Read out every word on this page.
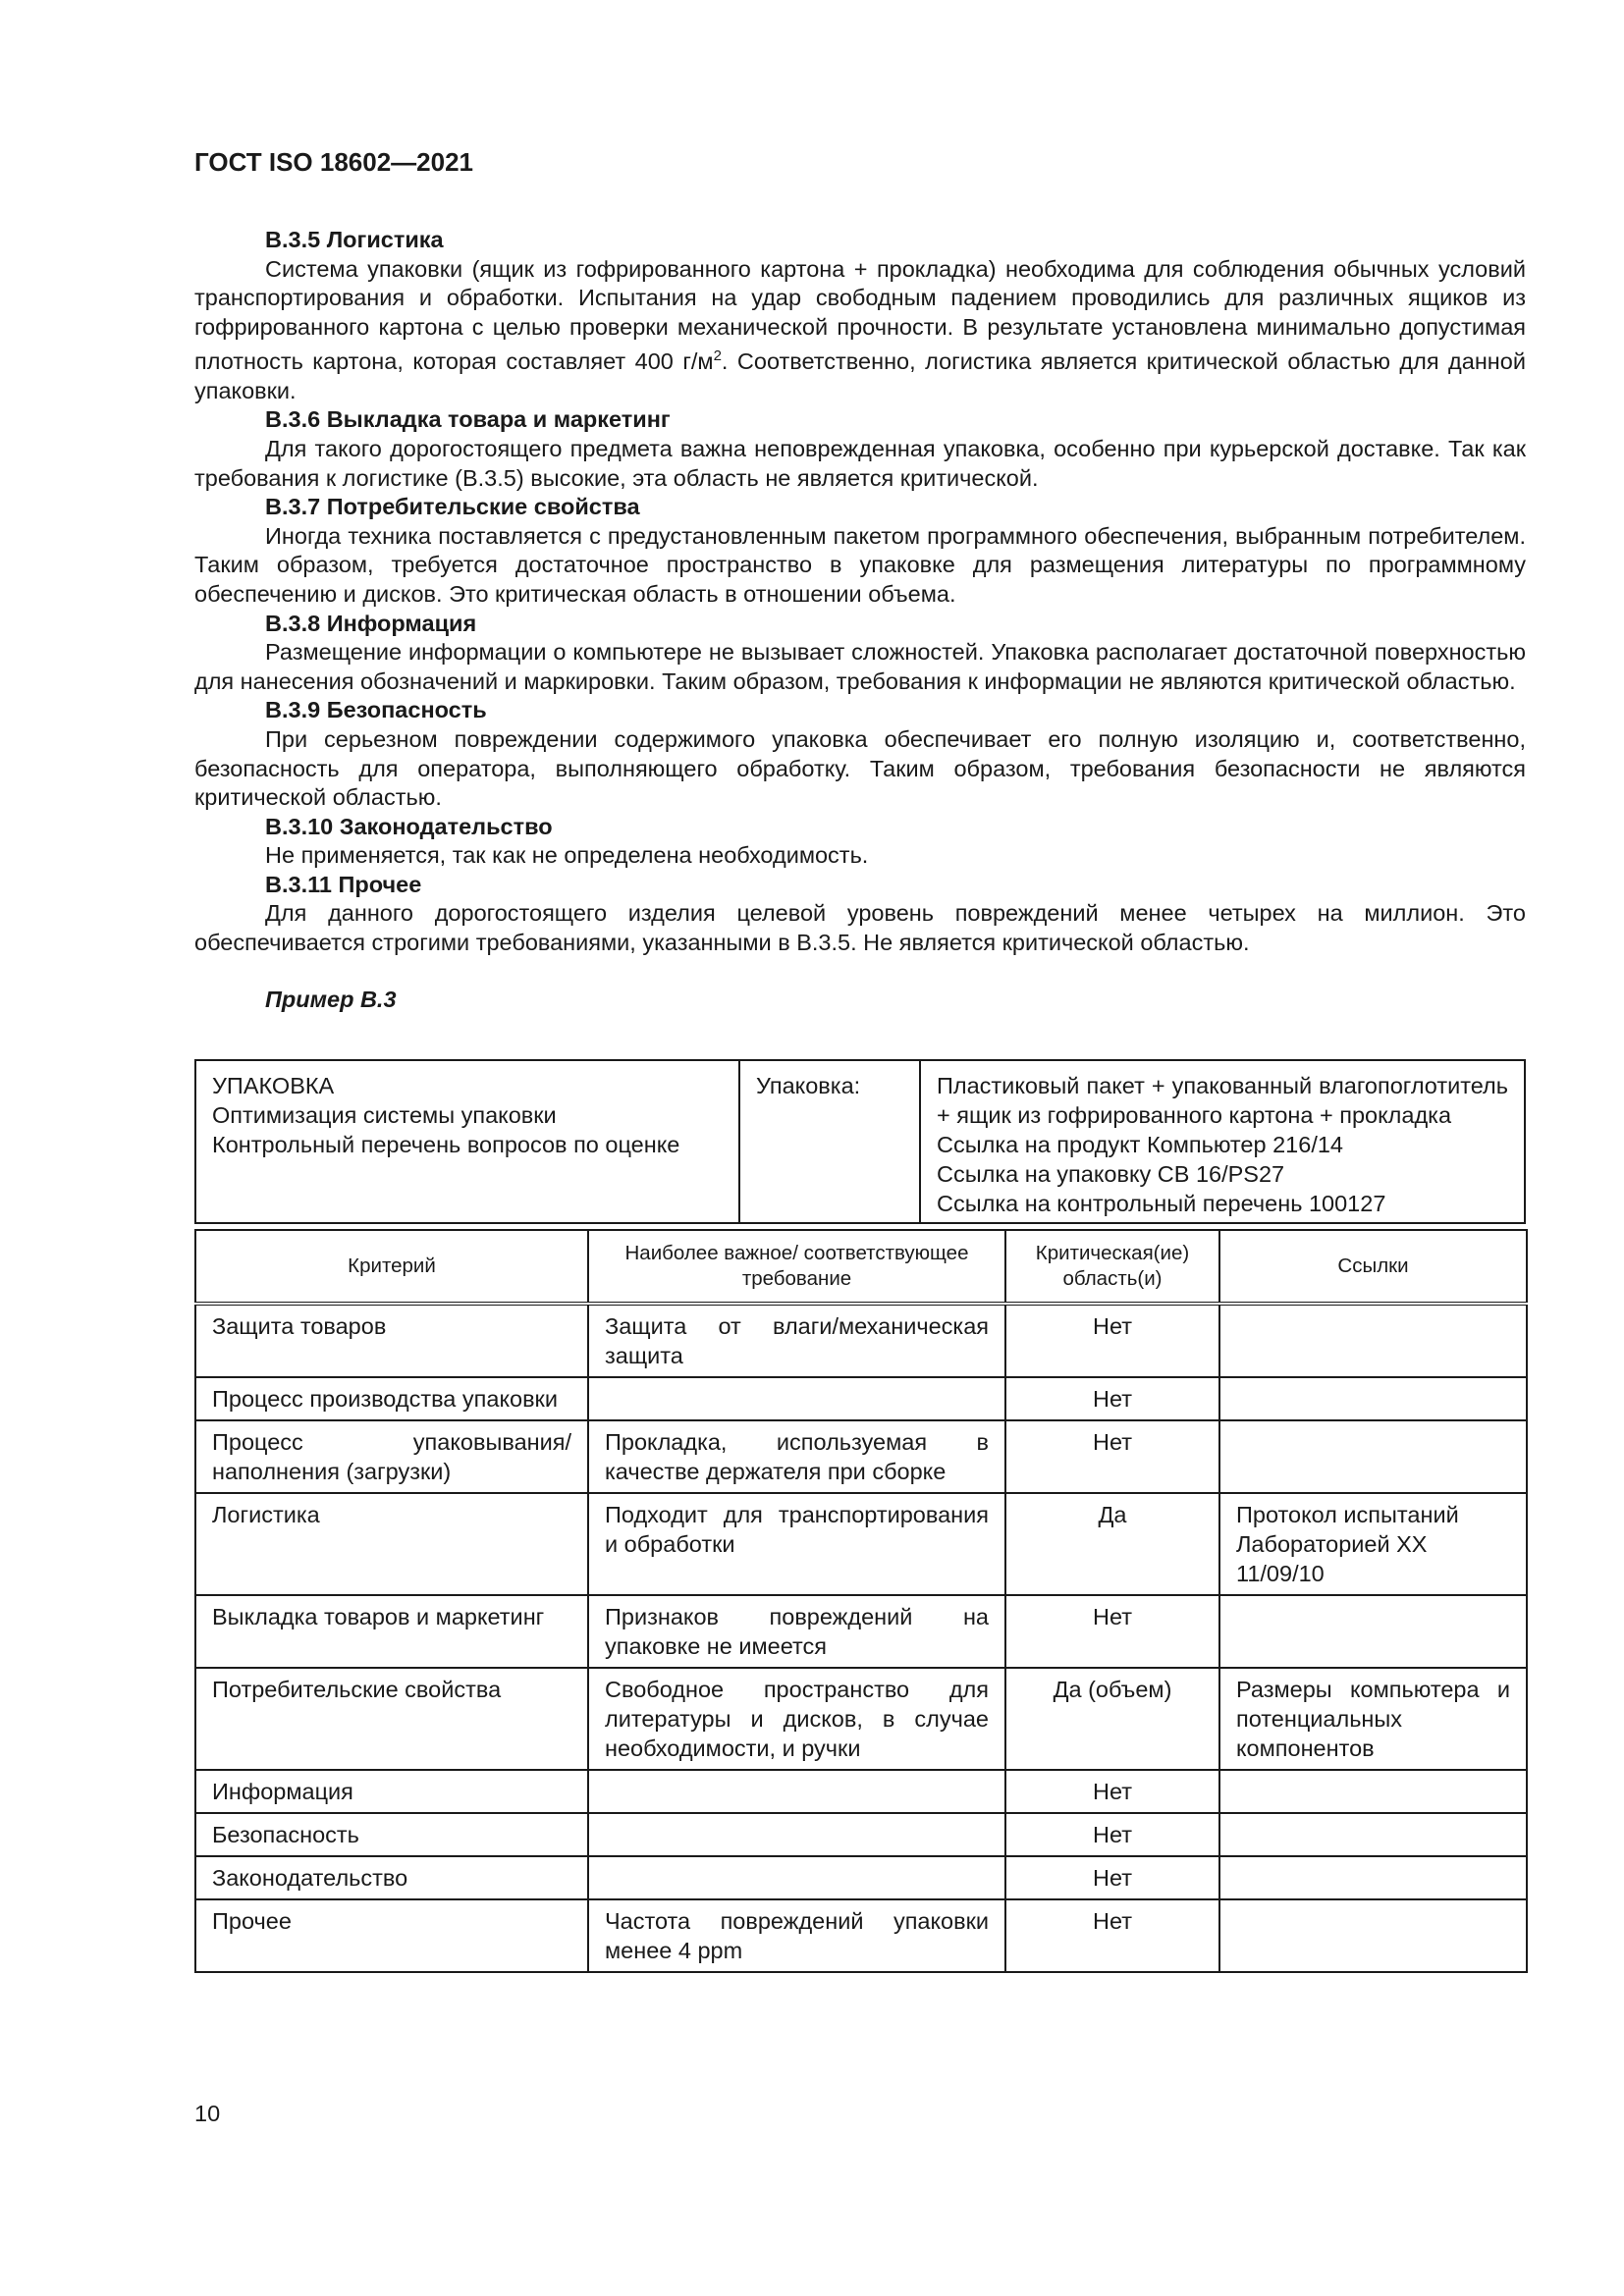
ГОСТ ISO 18602—2021

B.3.5 Логистика

Система упаковки (ящик из гофрированного картона + прокладка) необходима для соблюдения обычных условий транспортирования и обработки. Испытания на удар свободным падением проводились для различных ящиков из гофрированного картона с целью проверки механической прочности. В результате установлена минимально допустимая плотность картона, которая составляет 400 $г/м^2$. Соответственно, логистика является критической областью для данной упаковки.

B.3.6 Выкладка товара и маркетинг

Для такого дорогостоящего предмета важна неповрежденная упаковка, особенно при курьерской доставке. Так как требования к логистике (B.3.5) высокие, эта область не является критической.

B.3.7 Потребительские свойства

Иногда техника поставляется с предустановленным пакетом программного обеспечения, выбранным потребителем. Таким образом, требуется достаточное пространство в упаковке для размещения литературы по программному обеспечению и дисков. Это критическая область в отношении объема.

B.3.8 Информация

Размещение информации о компьютере не вызывает сложностей. Упаковка располагает достаточной поверхностью для нанесения обозначений и маркировки. Таким образом, требования к информации не являются критической областью.

B.3.9 Безопасность

При серьезном повреждении содержимого упаковка обеспечивает его полную изоляцию и, соответственно, безопасность для оператора, выполняющего обработку. Таким образом, требования безопасности не являются критической областью.

B.3.10 Законодательство

Не применяется, так как не определена необходимость.

B.3.11 Прочее

Для данного дорогостоящего изделия целевой уровень повреждений менее четырех на миллион. Это обеспечивается строгими требованиями, указанными в B.3.5. Не является критической областью.

Пример B.3
УПАКОВКА
Оптимизация системы упаковки
Контрольный перечень вопросов по оценке
	Упаковка:	Пластиковый пакет + упакованный влагопоглотитель + ящик из гофрированного картона + прокладка
Ссылка на продукт Компьютер 216/14
Ссылка на упаковку CB 16/PS27
Ссылка на контрольный перечень 100127
Критерий	Наиболее важное/ соответствующее требование	Критическая(ие) область(и)	Ссылки
Защита товаров	Защита от влаги/механическая защита	Нет	
Процесс производства упаковки		Нет	
Процесс упаковывания/наполнения (загрузки)	Прокладка, используемая в качестве держателя при сборке	Нет	
Логистика	Подходит для транспортирования и обработки	Да	Протокол испытаний Лабораторией XX 11/09/10
Выкладка товаров и маркетинг	Признаков повреждений на упаковке не имеется	Нет	
Потребительские свойства	Свободное пространство для литературы и дисков, в случае необходимости, и ручки	Да (объем)	Размеры компьютера и потенциальных компонентов
Информация		Нет	
Безопасность		Нет	
Законодательство		Нет	
Прочее	Частота повреждений упаковки менее 4 ppm	Нет	
10
